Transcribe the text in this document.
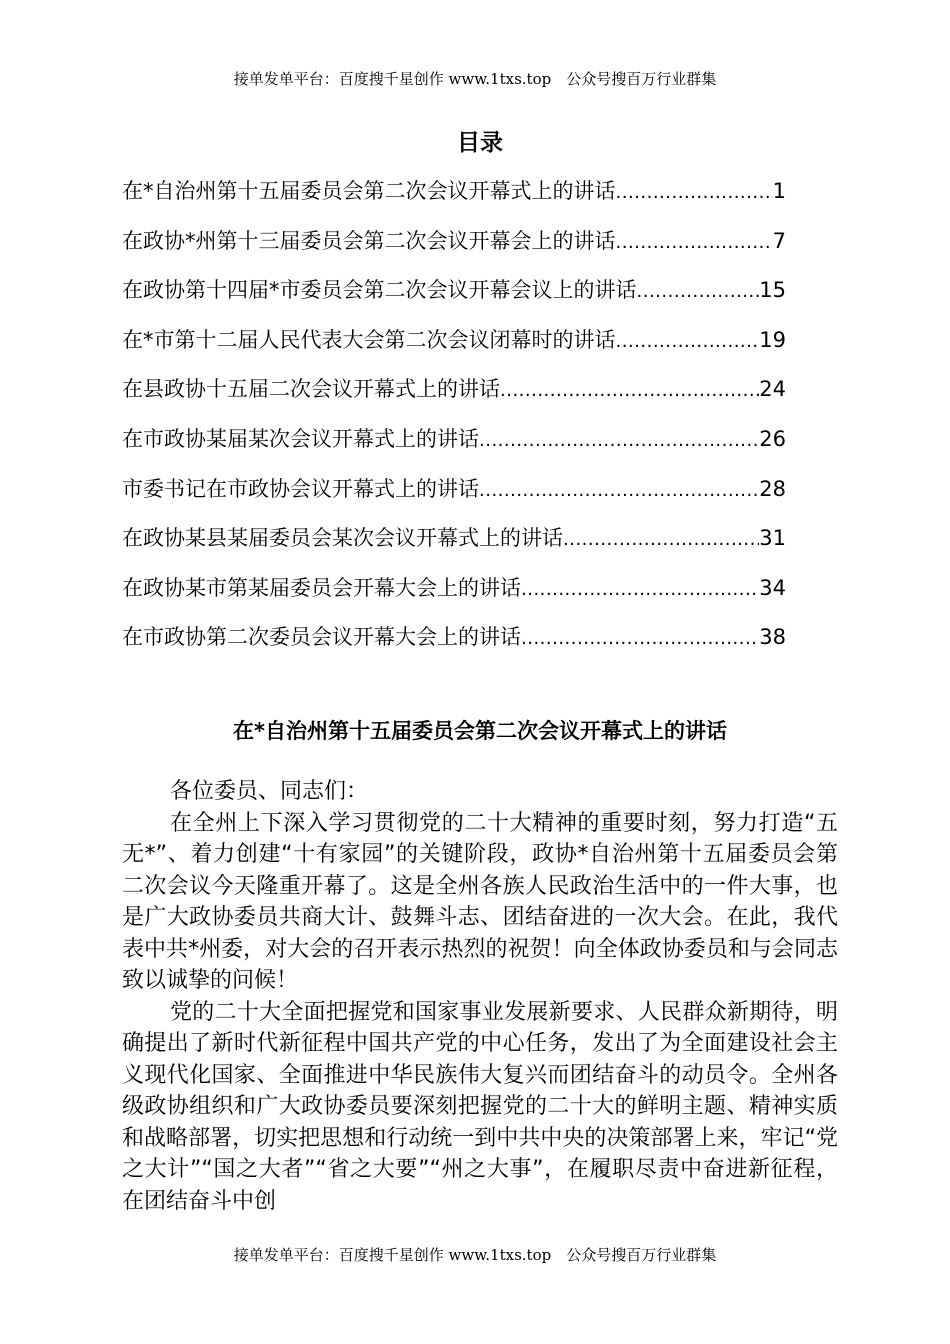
接单发单平台：百度搜千星创作 www.1txs.top　公众号搜百万行业群集
目录
在*自治州第十五届委员会第二次会议开幕式上的讲话 .....	1
在政协*州第十三届委员会第二次会议开幕会上的讲话 .....	7
在政协第十四届*市委员会第二次会议开幕会议上的讲话 .....	15
在*市第十二届人民代表大会第二次会议闭幕时的讲话 .....	19
在县政协十五届二次会议开幕式上的讲话 .....	24
在市政协某届某次会议开幕式上的讲话 .....	26
市委书记在市政协会议开幕式上的讲话 .....	28
在政协某县某届委员会某次会议开幕式上的讲话 .....	31
在政协某市第某届委员会开幕大会上的讲话 .....	34
在市政协第二次委员会议开幕大会上的讲话 .....	38
在*自治州第十五届委员会第二次会议开幕式上的讲话

各位委员、同志们：

在全州上下深入学习贯彻党的二十大精神的重要时刻，努力打造“五无*”、着力创建“十有家园”的关键阶段，政协*自治州第十五届委员会第二次会议今天隆重开幕了。这是全州各族人民政治生活中的一件大事，也是广大政协委员共商大计、鼓舞斗志、团结奋进的一次大会。在此，我代表中共*州委，对大会的召开表示热烈的祝贺！向全体政协委员和与会同志致以诚挚的问候！

党的二十大全面把握党和国家事业发展新要求、人民群众新期待，明确提出了新时代新征程中国共产党的中心任务，发出了为全面建设社会主义现代化国家、全面推进中华民族伟大复兴而团结奋斗的动员令。全州各级政协组织和广大政协委员要深刻把握党的二十大的鲜明主题、精神实质和战略部署，切实把思想和行动统一到中共中央的决策部署上来，牢记“党之大计”“国之大者”“省之大要”“州之大事”，在履职尽责中奋进新征程，在团结奋斗中创

接单发单平台：百度搜千星创作 www.1txs.top　公众号搜百万行业群集
